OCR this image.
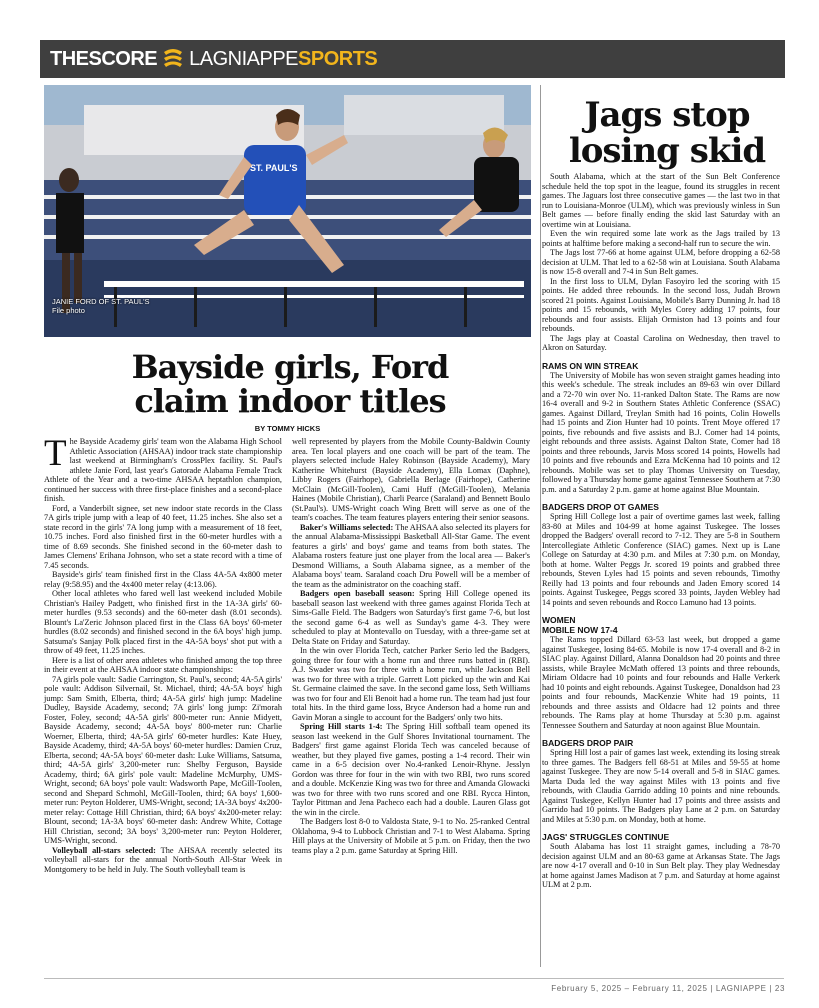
THESCORE LAGNIAPPE SPORTS
ST. PAUL'S
JANIE FORD OF ST. PAUL'S
File photo
Bayside girls, Ford
claim indoor titles
BY TOMMY HICKS

The Bayside Academy girls' team won the Alabama High School Athletic Association (AHSAA) indoor track state championship last weekend at Birmingham's CrossPlex facility. St. Paul's athlete Janie Ford, last year's Gatorade Alabama Female Track Athlete of the Year and a two-time AHSAA heptathlon champion, continued her success with three first-place finishes and a second-place finish.

Ford, a Vanderbilt signee, set new indoor state records in the Class 7A girls triple jump with a leap of 40 feet, 11.25 inches. She also set a state record in the girls' 7A long jump with a measurement of 18 feet, 10.75 inches. Ford also finished first in the 60-meter hurdles with a time of 8.69 seconds. She finished second in the 60-meter dash to James Clemens' Erihana Johnson, who set a state record with a time of 7.45 seconds.

Bayside's girls' team finished first in the Class 4A-5A 4x800 meter relay (9:58.95) and the 4x400 meter relay (4:13.06).

Other local athletes who fared well last weekend included Mobile Christian's Hailey Padgett, who finished first in the 1A-3A girls' 60-meter hurdles (9.53 seconds) and the 60-meter dash (8.01 seconds). Blount's La'Zeric Johnson placed first in the Class 6A boys' 60-meter hurdles (8.02 seconds) and finished second in the 6A boys' high jump. Satsuma's Sanjay Polk placed first in the 4A-5A boys' shot put with a throw of 49 feet, 11.25 inches.

Here is a list of other area athletes who finished among the top three in their event at the AHSAA indoor state championships:

7A girls pole vault: Sadie Carrington, St. Paul's, second; 4A-5A girls' pole vault: Addison Silvernail, St. Michael, third; 4A-5A boys' high jump: Sam Smith, Elberta, third; 4A-5A girls' high jump: Madeline Dudley, Bayside Academy, second; 7A girls' long jump: Zi'morah Foster, Foley, second; 4A-5A girls' 800-meter run: Annie Midyett, Bayside Academy, second; 4A-5A boys' 800-meter run: Charlie Woerner, Elberta, third; 4A-5A girls' 60-meter hurdles: Kate Huey, Bayside Academy, third; 4A-5A boys' 60-meter hurdles: Damien Cruz, Elberta, second; 4A-5A boys' 60-meter dash: Luke Williams, Satsuma, third; 4A-5A girls' 3,200-meter run: Shelby Ferguson, Bayside Academy, third; 6A girls' pole vault: Madeline McMurphy, UMS-Wright, second; 6A boys' pole vault: Wadsworth Pape, McGill-Toolen, second and Shepard Schmohl, McGill-Toolen, third; 6A boys' 1,600-meter run: Peyton Holderer, UMS-Wright, second; 1A-3A boys' 4x200-meter relay: Cottage Hill Christian, third; 6A boys' 4x200-meter relay: Blount, second; 1A-3A boys' 60-meter dash: Andrew White, Cottage Hill Christian, second; 3A boys' 3,200-meter run: Peyton Holderer, UMS-Wright, second.

Volleyball all-stars selected: The AHSAA recently selected its volleyball all-stars for the annual North-South All-Star Week in Montgomery to be held in July. The South volleyball team is

well represented by players from the Mobile County-Baldwin County area. Ten local players and one coach will be part of the team. The players selected include Haley Robinson (Bayside Academy), Mary Katherine Whitehurst (Bayside Academy), Ella Lomax (Daphne), Libby Rogers (Fairhope), Gabriella Berlage (Fairhope), Catherine McClain (McGill-Toolen), Cami Huff (McGill-Toolen), Melania Haines (Mobile Christian), Charli Pearce (Saraland) and Bennett Boulo (St.Paul's). UMS-Wright coach Wing Brett will serve as one of the team's coaches. The team features players entering their senior seasons.

Baker's Williams selected: The AHSAA also selected its players for the annual Alabama-Mississippi Basketball All-Star Game. The event features a girls' and boys' game and teams from both states. The Alabama rosters feature just one player from the local area — Baker's Desmond Williams, a South Alabama signee, as a member of the Alabama boys' team. Saraland coach Dru Powell will be a member of the team as the administrator on the coaching staff.

Badgers open baseball season: Spring Hill College opened its baseball season last weekend with three games against Florida Tech at Sims-Galle Field. The Badgers won Saturday's first game 7-6, but lost the second game 6-4 as well as Sunday's game 4-3. They were scheduled to play at Montevallo on Tuesday, with a three-game set at Delta State on Friday and Saturday.

In the win over Florida Tech, catcher Parker Serio led the Badgers, going three for four with a home run and three runs batted in (RBI). A.J. Swader was two for three with a home run, while Jackson Bell was two for three with a triple. Garrett Lott picked up the win and Kai St. Germaine claimed the save. In the second game loss, Seth Williams was two for four and Eli Benoit had a home run. The team had just four total hits. In the third game loss, Bryce Anderson had a home run and Gavin Moran a single to account for the Badgers' only two hits.

Spring Hill starts 1-4: The Spring Hill softball team opened its season last weekend in the Gulf Shores Invitational tournament. The Badgers' first game against Florida Tech was canceled because of weather, but they played five games, posting a 1-4 record. Their win came in a 6-5 decision over No.4-ranked Lenoir-Rhyne. Jesslyn Gordon was three for four in the win with two RBI, two runs scored and a double. McKenzie King was two for three and Amanda Glowacki was two for three with two runs scored and one RBI. Rycca Hinton, Taylor Pittman and Jena Pacheco each had a double. Lauren Glass got the win in the circle.

The Badgers lost 8-0 to Valdosta State, 9-1 to No. 25-ranked Central Oklahoma, 9-4 to Lubbock Christian and 7-1 to West Alabama. Spring Hill plays at the University of Mobile at 5 p.m. on Friday, then the two teams play a 2 p.m. game Saturday at Spring Hill.

Jags stop
losing skid

South Alabama, which at the start of the Sun Belt Conference schedule held the top spot in the league, found its struggles in recent games. The Jaguars lost three consecutive games — the last two in that run to Louisiana-Monroe (ULM), which was previously winless in Sun Belt games — before finally ending the skid last Saturday with an overtime win at Louisiana.

Even the win required some late work as the Jags trailed by 13 points at halftime before making a second-half run to secure the win.

The Jags lost 77-66 at home against ULM, before dropping a 62-58 decision at ULM. That led to a 62-58 win at Louisiana. South Alabama is now 15-8 overall and 7-4 in Sun Belt games.

In the first loss to ULM, Dylan Fasoyiro led the scoring with 15 points. He added three rebounds. In the second loss, Judah Brown scored 21 points. Against Louisiana, Mobile's Barry Dunning Jr. had 18 points and 15 rebounds, with Myles Corey adding 17 points, four rebounds and four assists. Elijah Ormiston had 13 points and four rebounds.

The Jags play at Coastal Carolina on Wednesday, then travel to Akron on Saturday.

RAMS ON WIN STREAK

The University of Mobile has won seven straight games heading into this week's schedule. The streak includes an 89-63 win over Dillard and a 72-70 win over No. 11-ranked Dalton State. The Rams are now 16-4 overall and 9-2 in Southern States Athletic Conference (SSAC) games. Against Dillard, Treylan Smith had 16 points, Colin Howells had 15 points and Zion Hunter had 10 points. Trent Moye offered 17 points, five rebounds and five assists and B.J. Comer had 14 points, eight rebounds and three assists. Against Dalton State, Comer had 18 points and three rebounds, Jarvis Moss scored 14 points, Howells had 10 points and five rebounds and Ezra McKenna had 10 points and 12 rebounds. Mobile was set to play Thomas University on Tuesday, followed by a Thursday home game against Tennessee Southern at 7:30 p.m. and a Saturday 2 p.m. game at home against Blue Mountain.

BADGERS DROP OT GAMES

Spring Hill College lost a pair of overtime games last week, falling 83-80 at Miles and 104-99 at home against Tuskegee. The losses dropped the Badgers' overall record to 7-12. They are 5-8 in Southern Intercollegiate Athletic Conference (SIAC) games. Next up is Lane College on Saturday at 4:30 p.m. and Miles at 7:30 p.m. on Monday, both at home. Walter Peggs Jr. scored 19 points and grabbed three rebounds, Steven Lyles had 15 points and seven rebounds, Timothy Reilly had 13 points and four rebounds and Jaden Emory scored 14 points. Against Tuskegee, Peggs scored 33 points, Jayden Webley had 14 points and seven rebounds and Rocco Lamuno had 13 points.

WOMEN
MOBILE NOW 17-4

The Rams topped Dillard 63-53 last week, but dropped a game against Tuskegee, losing 84-65. Mobile is now 17-4 overall and 8-2 in SIAC play. Against Dillard, Alanna Donaldson had 20 points and three assists, while Braylee McMath offered 13 points and three rebounds, Miriam Oldacre had 10 points and four rebounds and Halle Verkerk had 10 points and eight rebounds. Against Tuskegee, Donaldson had 23 points and four rebounds, MacKenzie White had 19 points, 11 rebounds and three assists and Oldacre had 12 points and three rebounds. The Rams play at home Thursday at 5:30 p.m. against Tennessee Southern and Saturday at noon against Blue Mountain.

BADGERS DROP PAIR

Spring Hill lost a pair of games last week, extending its losing streak to three games. The Badgers fell 68-51 at Miles and 59-55 at home against Tuskegee. They are now 5-14 overall and 5-8 in SIAC games. Marta Duda led the way against Miles with 13 points and five rebounds, with Claudia Garrido adding 10 points and nine rebounds. Against Tuskegee, Kellyn Hunter had 17 points and three assists and Garrido had 10 points. The Badgers play Lane at 2 p.m. on Saturday and Miles at 5:30 p.m. on Monday, both at home.

JAGS' STRUGGLES CONTINUE

South Alabama has lost 11 straight games, including a 78-70 decision against ULM and an 80-63 game at Arkansas State. The Jags are now 4-17 overall and 0-10 in Sun Belt play. They play Wednesday at home against James Madison at 7 p.m. and Saturday at home against ULM at 2 p.m.

February 5, 2025 – February 11, 2025 | LAGNIAPPE | 23
